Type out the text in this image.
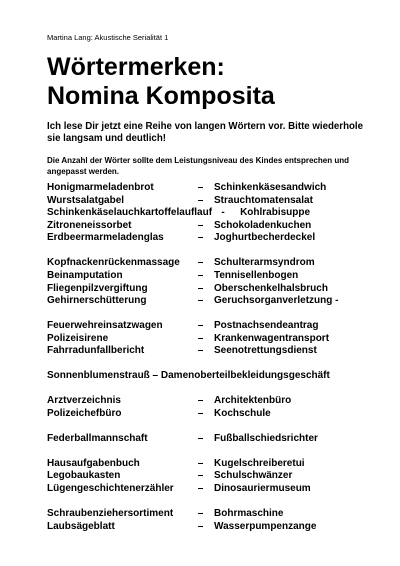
Martina Lang: Akustische Serialität 1
Wörtermerken:
Nomina Komposita
Ich lese Dir jetzt eine Reihe von langen Wörtern vor. Bitte wiederhole sie langsam und deutlich!
Die Anzahl der Wörter sollte dem Leistungsniveau des Kindes entsprechen und angepasst werden.
Honigmarmeladenbrot	–	Schinkenkäsesandwich
Wurstsalatgabel	–	Strauchtomatensalat
Schinkenkäselauchkartoffelauflauf -	Kohlrabisuppe
Zitroneneissorbet	–	Schokoladenkuchen
Erdbeermarmeladenglas	–	Joghurtbecherdeckel
Kopfnackenrückenmassage	–	Schulterarmsyndrom
Beinamputation	–	Tennisellenbogen
Fliegenpilzvergiftung	–	Oberschenkelhalsbruch
Gehirnerschütterung	–	Geruchsorganverletzung -
Feuerwehreinsatzwagen	–	Postnachsendeantrag
Polizeisirene	–	Krankenwagentransport
Fahrradunfallbericht	–	Seenotrettungsdienst
Sonnenblumenstrauß – Damenoberteilbekleidungsgeschäft
Arztverzeichnis	–	Architektenbüro
Polizeichefbüro	–	Kochschule
Federballmannschaft	–	Fußballschiedsrichter
Hausaufgabenbuch	–	Kugelschreiberetui
Legobaukasten	–	Schulschwänzer
Lügengeschichtenerzähler	–	Dinosauriermuseum
Schraubenziehersortiment	–	Bohrmaschine
Laubsägeblatt	–	Wasserpumpenzange
